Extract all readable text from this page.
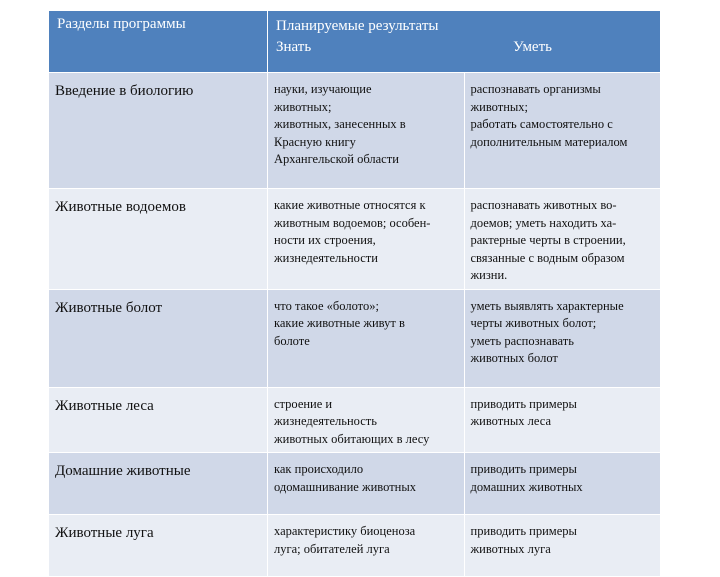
Разделы программы	Планируемые результаты
Знать Уметь	

Введение в биологию	науки, изучающие
животных;
животных, занесенных в
Красную книгу
Архангельской области	распознавать организмы
животных;
работать самостоятельно с
дополнительным материалом

Животные водоемов	какие животные относятся к
животным водоемов; особен-
ности их строения,
жизнедеятельности	распознавать животных во-
доемов; уметь находить ха-
рактерные черты в строении,
связанные с водным образом
жизни.

Животные болот	что такое «болото»;
какие животные живут в
болоте	уметь выявлять характерные
черты животных болот;
уметь распознавать
животных болот

Животные леса	строение и
жизнедеятельность
животных обитающих в лесу	приводить примеры
животных леса

Домашние животные	как происходило
одомашнивание животных	приводить примеры
домашних животных

Животные луга	характеристику биоценоза
луга; обитателей луга	приводить примеры
животных луга
